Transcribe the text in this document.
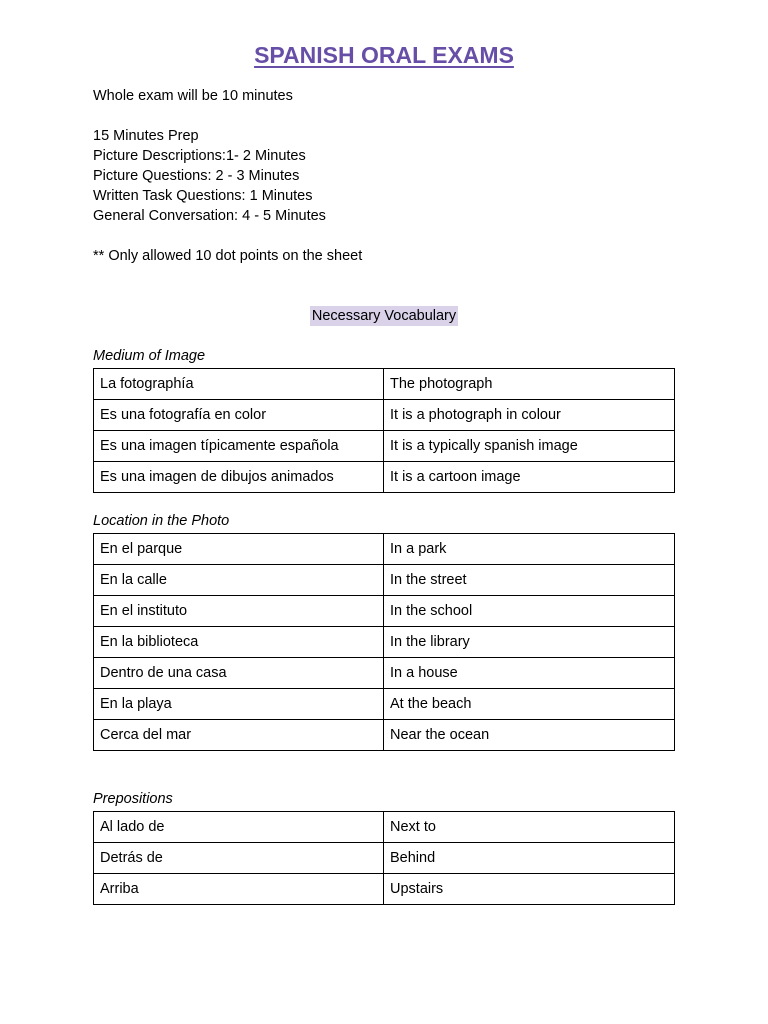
SPANISH ORAL EXAMS
Whole exam will be 10 minutes
15 Minutes Prep
Picture Descriptions:1- 2 Minutes
Picture Questions: 2 - 3 Minutes
Written Task Questions: 1 Minutes
General Conversation: 4 - 5 Minutes
** Only allowed 10 dot points on the sheet
Necessary Vocabulary
Medium of Image
La fotographía	The photograph
Es una fotografía en color	It is a photograph in colour
Es una imagen típicamente española	It is a typically spanish image
Es una imagen de dibujos animados	It is a cartoon image
Location in the Photo
En el parque	In a park
En la calle	In the street
En el instituto	In the school
En la biblioteca	In the library
Dentro de una casa	In a house
En la playa	At the beach
Cerca del mar	Near the ocean
Prepositions
Al lado de	Next to
Detrás de	Behind
Arriba	Upstairs
